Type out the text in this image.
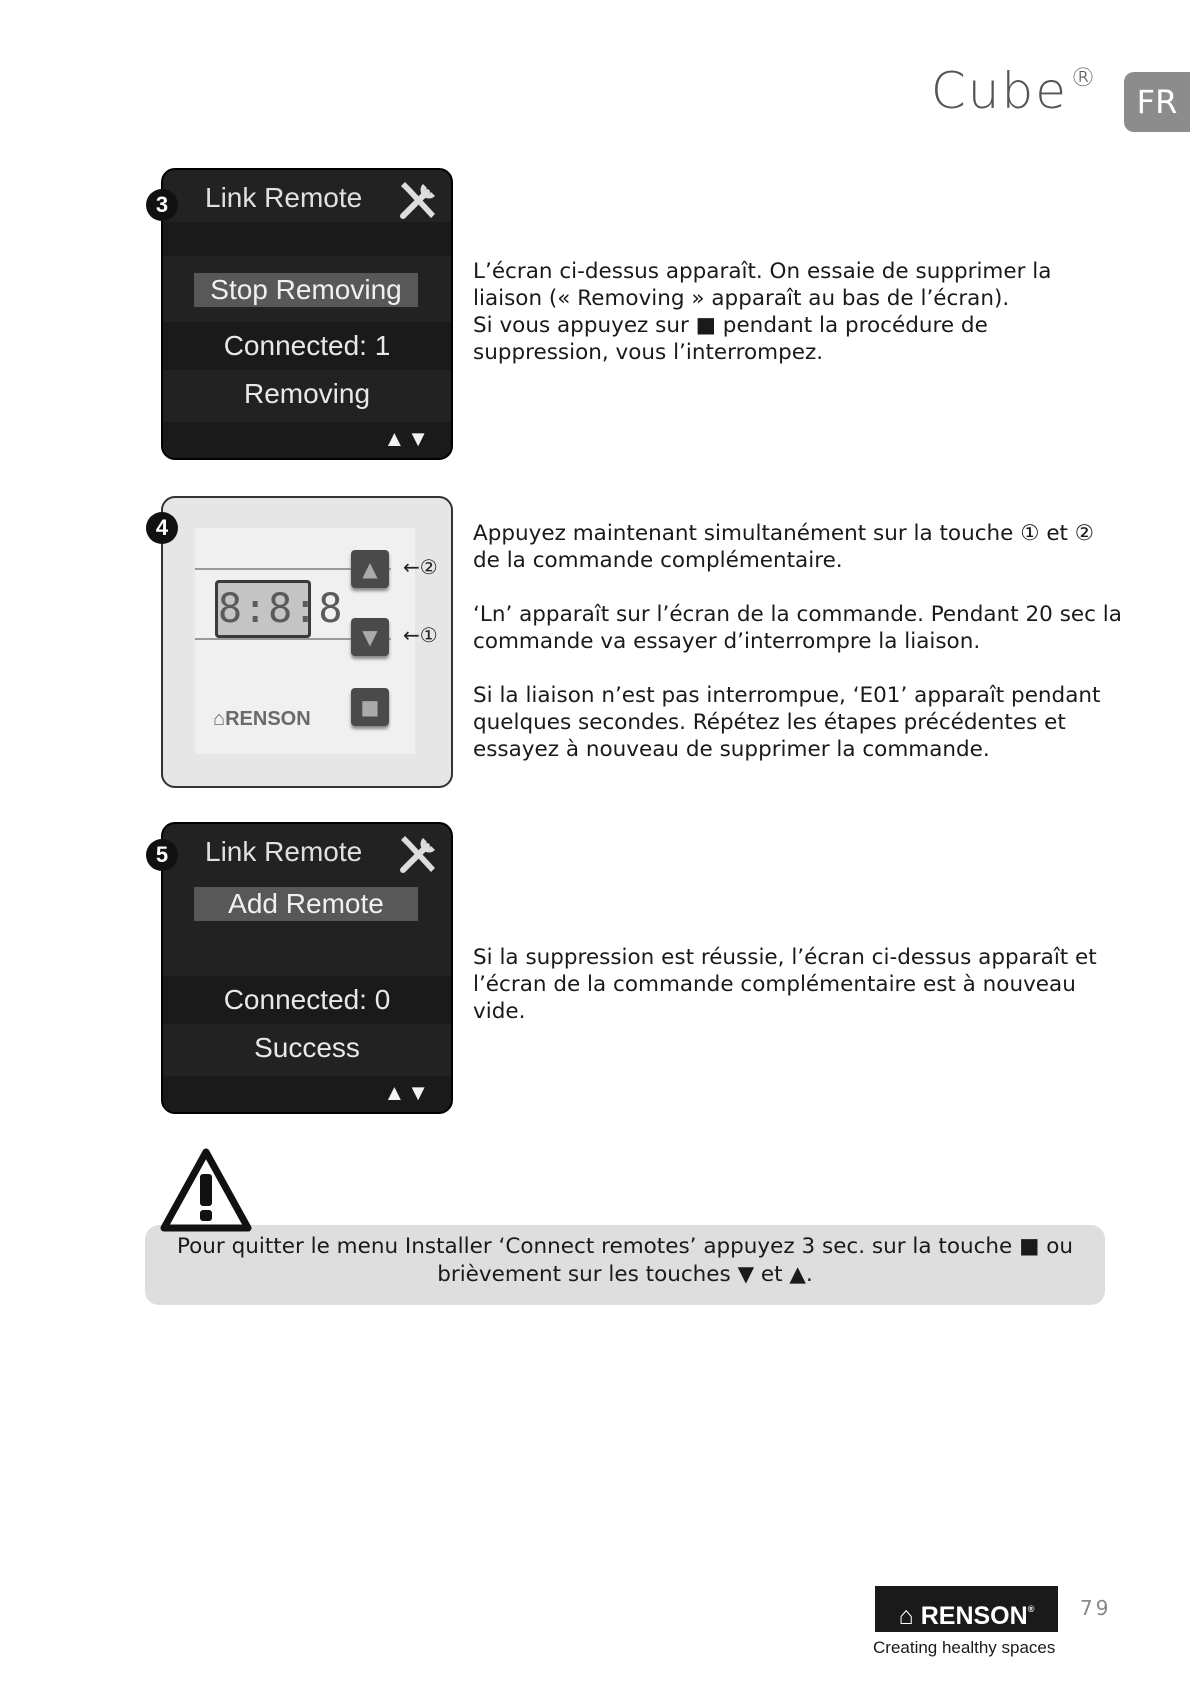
Cube®
FR
3	Link Remote
Stop Removing
Connected: 1
Removing
▲▼

L’écran ci-dessus apparaît. On essaie de supprimer la liaison (« Removing » apparaît au bas de l’écran).

Si vous appuyez sur ■ pendant la procédure de suppression, vous l’interrompez.

4
8:8:8
▲
▼
■
←②
←①
⌂RENSON

Appuyez maintenant simultanément sur la touche ① et ② de la commande complémentaire.

‘Ln’ apparaît sur l’écran de la commande. Pendant 20 sec la commande va essayer d’interrompre la liaison.

Si la liaison n’est pas interrompue, ‘E01’ apparaît pendant quelques secondes. Répétez les étapes précédentes et essayez à nouveau de supprimer la commande.

5	Link Remote
Add Remote
Connected: 0
Success
▲▼

Si la suppression est réussie, l’écran ci-dessus apparaît et l’écran de la commande complémentaire est à nouveau vide.

Pour quitter le menu Installer ‘Connect remotes’ appuyez 3 sec. sur la touche ■ ou
brièvement sur les touches ▼ et ▲.

⌂ RENSON®
Creating healthy spaces
79
